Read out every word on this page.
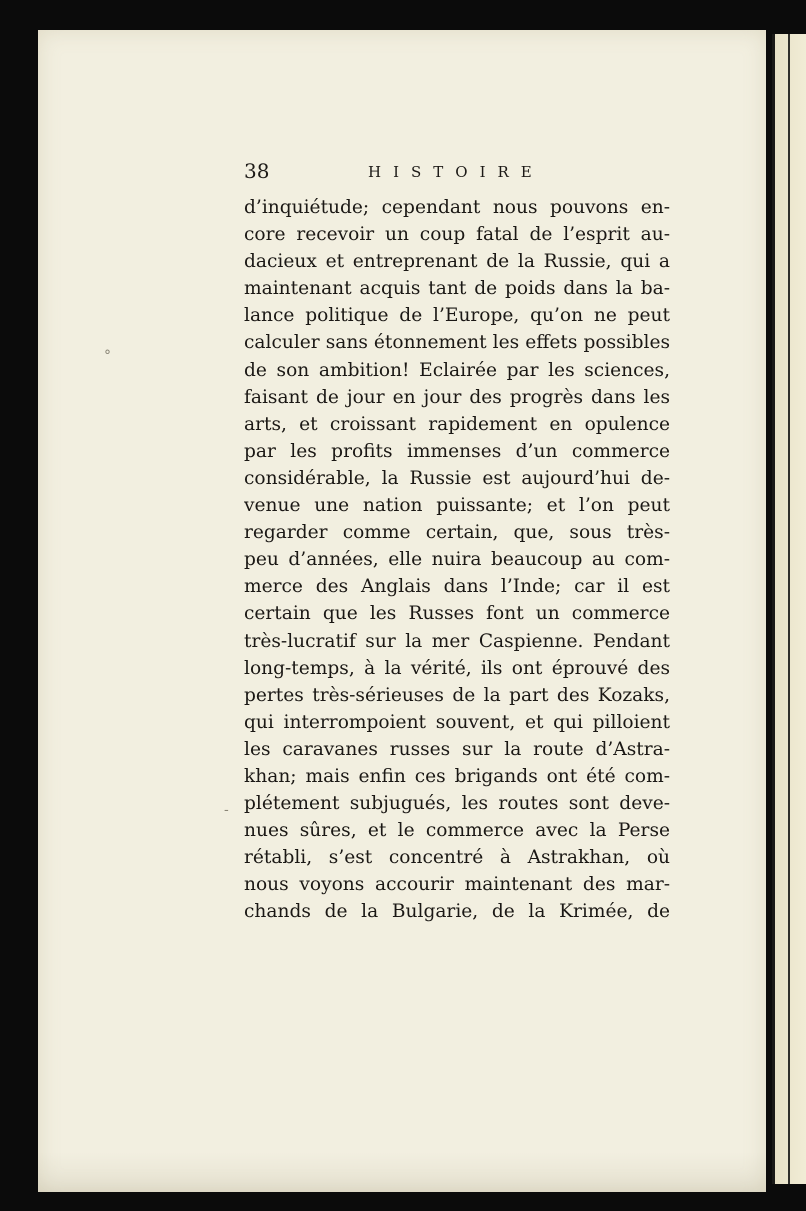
°
-
38	HISTOIRE
d’inquiétude; cependant nous pouvons en-
core recevoir un coup fatal de l’esprit au-
dacieux et entreprenant de la Russie, qui a
maintenant acquis tant de poids dans la ba-
lance politique de l’Europe, qu’on ne peut
calculer sans étonnement les effets possibles
de son ambition! Eclairée par les sciences,
faisant de jour en jour des progrès dans les
arts, et croissant rapidement en opulence
par les profits immenses d’un commerce
considérable, la Russie est aujourd’hui de-
venue une nation puissante; et l’on peut
regarder comme certain, que, sous très-
peu d’années, elle nuira beaucoup au com-
merce des Anglais dans l’Inde; car il est
certain que les Russes font un commerce
très-lucratif sur la mer Caspienne. Pendant
long-temps, à la vérité, ils ont éprouvé des
pertes très-sérieuses de la part des Kozaks,
qui interrompoient souvent, et qui pilloient
les caravanes russes sur la route d’Astra-
khan; mais enfin ces brigands ont été com-
plétement subjugués, les routes sont deve-
nues sûres, et le commerce avec la Perse
rétabli, s’est concentré à Astrakhan, où
nous voyons accourir maintenant des mar-
chands de la Bulgarie, de la Krimée, de
